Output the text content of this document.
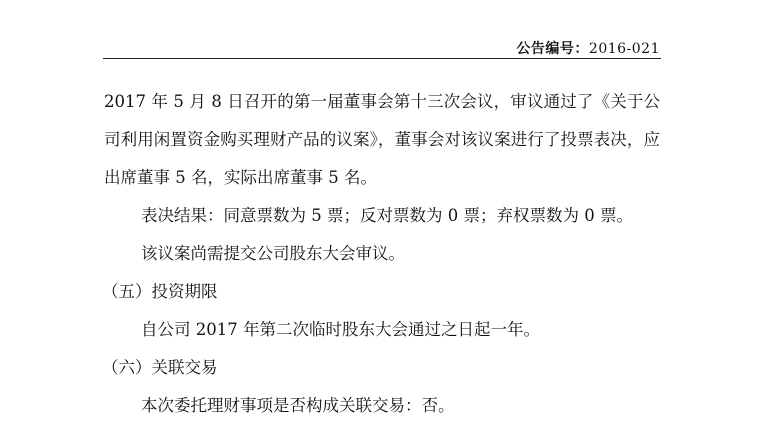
公告编号：2016-021

2017 年 5 月 8 日召开的第一届董事会第十三次会议，审议通过了《关于公司利用闲置资金购买理财产品的议案》，董事会对该议案进行了投票表决，应出席董事 5 名，实际出席董事 5 名。

表决结果：同意票数为 5 票；反对票数为 0 票；弃权票数为 0 票。

该议案尚需提交公司股东大会审议。

（五）投资期限

自公司 2017 年第二次临时股东大会通过之日起一年。

（六）关联交易

本次委托理财事项是否构成关联交易：否。
